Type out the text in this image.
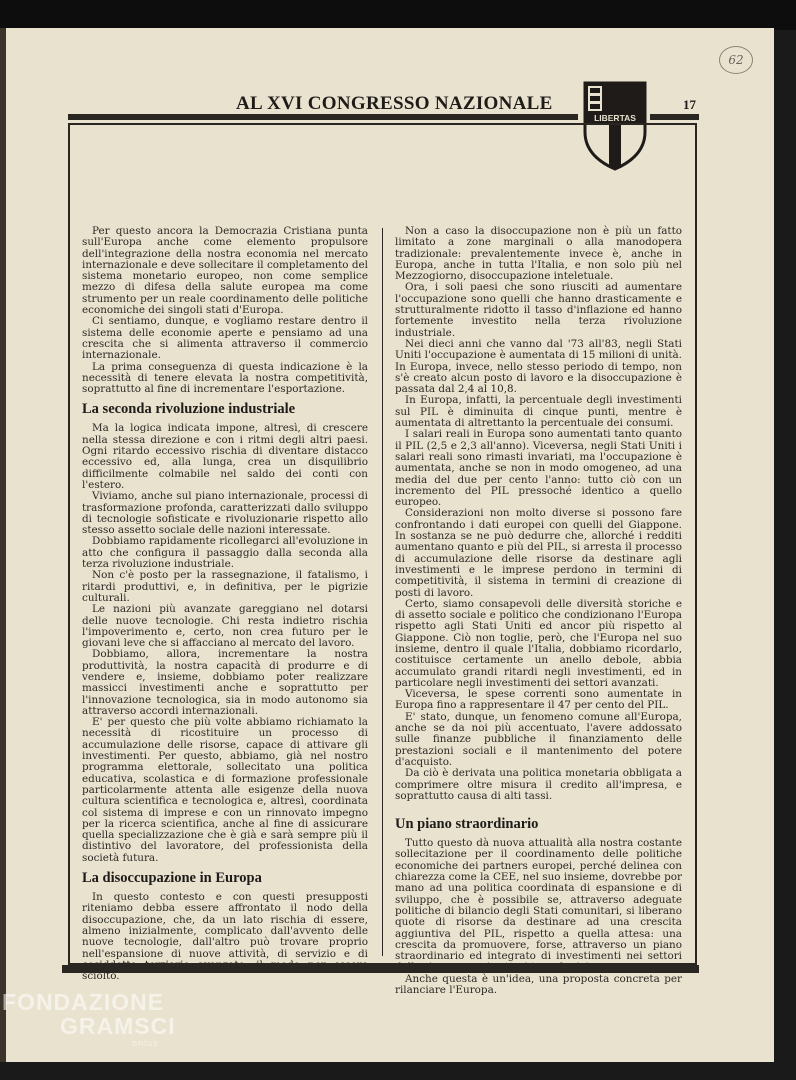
62
AL XVI CONGRESSO NAZIONALE	17
LIBERTAS

Per questo ancora la Democrazia Cristiana punta sull'Europa anche come elemento propulsore dell'integrazione della nostra economia nel mercato internazionale e deve sollecitare il completamento del sistema monetario europeo, non come semplice mezzo di difesa della salute europea ma come strumento per un reale coordinamento delle politiche economiche dei singoli stati d'Europa.

Ci sentiamo, dunque, e vogliamo restare dentro il sistema delle economie aperte e pensiamo ad una crescita che si alimenta attraverso il commercio internazionale.

La prima conseguenza di questa indicazione è la necessità di tenere elevata la nostra competitività, soprattutto al fine di incrementare l'esportazione.

La seconda rivoluzione industriale

Ma la logica indicata impone, altresì, di crescere nella stessa direzione e con i ritmi degli altri paesi. Ogni ritardo eccessivo rischia di diventare distacco eccessivo ed, alla lunga, crea un disquilibrio difficilmente colmabile nel saldo dei conti con l'estero.

Viviamo, anche sul piano internazionale, processi di trasformazione profonda, caratterizzati dallo sviluppo di tecnologie sofisticate e rivoluzionarie rispetto allo stesso assetto sociale delle nazioni interessate.

Dobbiamo rapidamente ricollegarci all'evoluzione in atto che configura il passaggio dalla seconda alla terza rivoluzione industriale.

Non c'è posto per la rassegnazione, il fatalismo, i ritardi produttivi, e, in definitiva, per le pigrizie culturali.

Le nazioni più avanzate gareggiano nel dotarsi delle nuove tecnologie. Chi resta indietro rischia l'impoverimento e, certo, non crea futuro per le giovani leve che si affacciano al mercato del lavoro.

Dobbiamo, allora, incrementare la nostra produttività, la nostra capacità di produrre e di vendere e, insieme, dobbiamo poter realizzare massicci investimenti anche e soprattutto per l'innovazione tecnologica, sia in modo autonomo sia attraverso accordi internazionali.

E' per questo che più volte abbiamo richiamato la necessità di ricostituire un processo di accumulazione delle risorse, capace di attivare gli investimenti. Per questo, abbiamo, già nel nostro programma elettorale, sollecitato una politica educativa, scolastica e di formazione professionale particolarmente attenta alle esigenze della nuova cultura scientifica e tecnologica e, altresì, coordinata col sistema di imprese e con un rinnovato impegno per la ricerca scientifica, anche al fine di assicurare quella specializzazione che è già e sarà sempre più il distintivo del lavoratore, del professionista della società futura.

La disoccupazione in Europa

In questo contesto e con questi presupposti riteniamo debba essere affrontato il nodo della disoccupazione, che, da un lato rischia di essere, almeno inizialmente, complicato dall'avvento delle nuove tecnologie, dall'altro può trovare proprio nell'espansione di nuove attività, di servizio e di cosiddetto terziario avanzato, il modo per essere sciolto.

Non a caso la disoccupazione non è più un fatto limitato a zone marginali o alla manodopera tradizionale: prevalentemente invece è, anche in Europa, anche in tutta l'Italia, e non solo più nel Mezzogiorno, disoccupazione inteletuale.

Ora, i soli paesi che sono riusciti ad aumentare l'occupazione sono quelli che hanno drasticamente e strutturalmente ridotto il tasso d'inflazione ed hanno fortemente investito nella terza rivoluzione industriale.

Nei dieci anni che vanno dal '73 all'83, negli Stati Uniti l'occupazione è aumentata di 15 milioni di unità. In Europa, invece, nello stesso periodo di tempo, non s'è creato alcun posto di lavoro e la disoccupazione è passata dal 2,4 al 10,8.

In Europa, infatti, la percentuale degli investimenti sul PIL è diminuita di cinque punti, mentre è aumentata di altrettanto la percentuale dei consumi.

I salari reali in Europa sono aumentati tanto quanto il PIL (2,5 e 2,3 all'anno). Viceversa, negli Stati Uniti i salari reali sono rimasti invariati, ma l'occupazione è aumentata, anche se non in modo omogeneo, ad una media del due per cento l'anno: tutto ciò con un incremento del PIL pressoché identico a quello europeo.

Considerazioni non molto diverse si possono fare confrontando i dati europei con quelli del Giappone. In sostanza se ne può dedurre che, allorché i redditi aumentano quanto e più del PIL, si arresta il processo di accumulazione delle risorse da destinare agli investimenti e le imprese perdono in termini di competitività, il sistema in termini di creazione di posti di lavoro.

Certo, siamo consapevoli delle diversità storiche e di assetto sociale e politico che condizionano l'Europa rispetto agli Stati Uniti ed ancor più rispetto al Giappone. Ciò non toglie, però, che l'Europa nel suo insieme, dentro il quale l'Italia, dobbiamo ricordarlo, costituisce certamente un anello debole, abbia accumulato grandi ritardi negli investimenti, ed in particolare negli investimenti dei settori avanzati.

Viceversa, le spese correnti sono aumentate in Europa fino a rappresentare il 47 per cento del PIL.

E' stato, dunque, un fenomeno comune all'Europa, anche se da noi più accentuato, l'avere addossato sulle finanze pubbliche il finanziamento delle prestazioni sociali e il mantenimento del potere d'acquisto.

Da ciò è derivata una politica monetaria obbligata a comprimere oltre misura il credito all'impresa, e soprattutto causa di alti tassi.

Un piano straordinario

Tutto questo dà nuova attualità alla nostra costante sollecitazione per il coordinamento delle politiche economiche dei partners europei, perché delinea con chiarezza come la CEE, nel suo insieme, dovrebbe por mano ad una politica coordinata di espansione e di sviluppo, che è possibile se, attraverso adeguate politiche di bilancio degli Stati comunitari, si liberano quote di risorse da destinare ad una crescita aggiuntiva del PIL, rispetto a quella attesa: una crescita da promuovere, forse, attraverso un piano straordinario ed integrato di investimenti nei settori della ricerca e nei settori tecnologici.

Anche questa è un'idea, una proposta concreta per rilanciare l'Europa.

FONDAZIONE
GRAMSCI
onlus
